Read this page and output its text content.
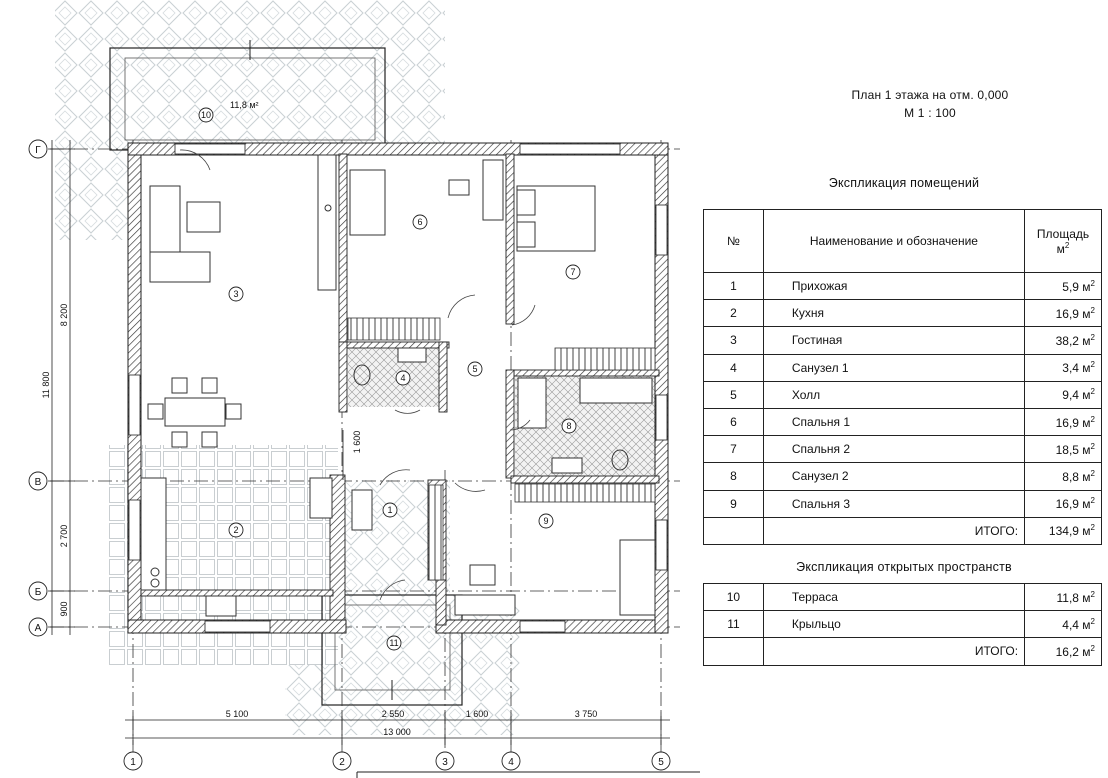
10
1
2
3
4
5
6
7
8
9
11
11,8 м²
Г
В
Б
А
1	2	3	4	5
8 200
11 800
1 600
2 700
900
5 100	2 550	1 600	3 750
13 000
План 1 этажа на отм. 0,000
М 1 : 100
Экспликация помещений
№	Наименование и обозначение	Площадь
$м^2$
1	Прихожая	5,9 $м^2$
2	Кухня	16,9 $м^2$
3	Гостиная	38,2 $м^2$
4	Санузел 1	3,4 $м^2$
5	Холл	9,4 $м^2$
6	Спальня 1	16,9 $м^2$
7	Спальня 2	18,5 $м^2$
8	Санузел 2	8,8 $м^2$
9	Спальня 3	16,9 $м^2$
	ИТОГО:	134,9 $м^2$
Экспликация открытых пространств
10	Терраса	11,8 $м^2$
11	Крыльцо	4,4 $м^2$
	ИТОГО:	16,2 $м^2$
